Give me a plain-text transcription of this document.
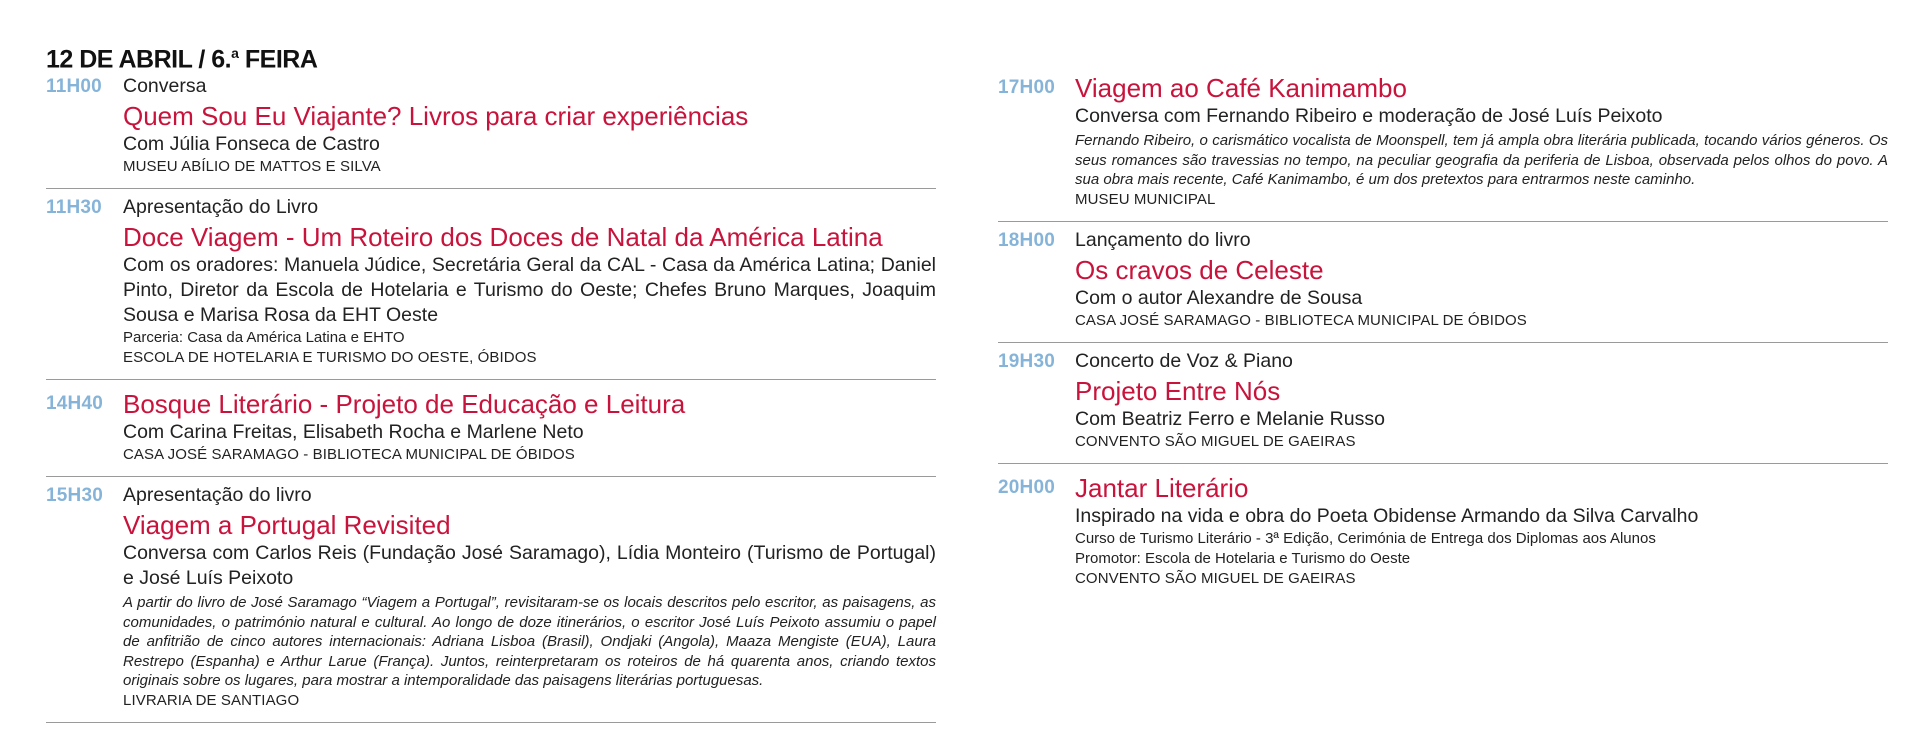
12 DE ABRIL / 6.$^a$ FEIRA
11H00	Conversa
Quem Sou Eu Viajante? Livros para criar experiências
Com Júlia Fonseca de Castro
MUSEU ABÍLIO DE MATTOS E SILVA
11H30	Apresentação do Livro
Doce Viagem - Um Roteiro dos Doces de Natal da América Latina
Com os oradores: Manuela Júdice, Secretária Geral da CAL - Casa da América Latina; Daniel Pinto, Diretor da Escola de Hotelaria e Turismo do Oeste; Chefes Bruno Marques, Joaquim Sousa e Marisa Rosa da EHT Oeste
Parceria: Casa da América Latina e EHTO
ESCOLA DE HOTELARIA E TURISMO DO OESTE, ÓBIDOS
14H40 Bosque Literário - Projeto de Educação e Leitura
Com Carina Freitas, Elisabeth Rocha e Marlene Neto
CASA JOSÉ SARAMAGO - BIBLIOTECA MUNICIPAL DE ÓBIDOS
15H30	Apresentação do livro
Viagem a Portugal Revisited
Conversa com Carlos Reis (Fundação José Saramago), Lídia Monteiro (Turismo de Portugal) e José Luís Peixoto
A partir do livro de José Saramago “Viagem a Portugal”, revisitaram-se os locais descritos pelo escritor, as paisagens, as comunidades, o património natural e cultural. Ao longo de doze itinerários, o escritor José Luís Peixoto assumiu o papel de anfitrião de cinco autores internacionais: Adriana Lisboa (Brasil), Ondjaki (Angola), Maaza Mengiste (EUA), Laura Restrepo (Espanha) e Arthur Larue (França). Juntos, reinterpretaram os roteiros de há quarenta anos, criando textos originais sobre os lugares, para mostrar a intemporalidade das paisagens literárias portuguesas.
LIVRARIA DE SANTIAGO
17H00 Viagem ao Café Kanimambo
Conversa com Fernando Ribeiro e moderação de José Luís Peixoto
Fernando Ribeiro, o carismático vocalista de Moonspell, tem já ampla obra literária publicada, tocando vários géneros. Os seus romances são travessias no tempo, na peculiar geografia da periferia de Lisboa, observada pelos olhos do povo. A sua obra mais recente, Café Kanimambo, é um dos pretextos para entrarmos neste caminho.
MUSEU MUNICIPAL
18H00	Lançamento do livro
Os cravos de Celeste
Com o autor Alexandre de Sousa
CASA JOSÉ SARAMAGO - BIBLIOTECA MUNICIPAL DE ÓBIDOS
19H30	Concerto de Voz & Piano
Projeto Entre Nós
Com Beatriz Ferro e Melanie Russo
CONVENTO SÃO MIGUEL DE GAEIRAS
20H00 Jantar Literário
Inspirado na vida e obra do Poeta Obidense Armando da Silva Carvalho
Curso de Turismo Literário - 3ª Edição, Cerimónia de Entrega dos Diplomas aos Alunos
Promotor: Escola de Hotelaria e Turismo do Oeste
CONVENTO SÃO MIGUEL DE GAEIRAS
